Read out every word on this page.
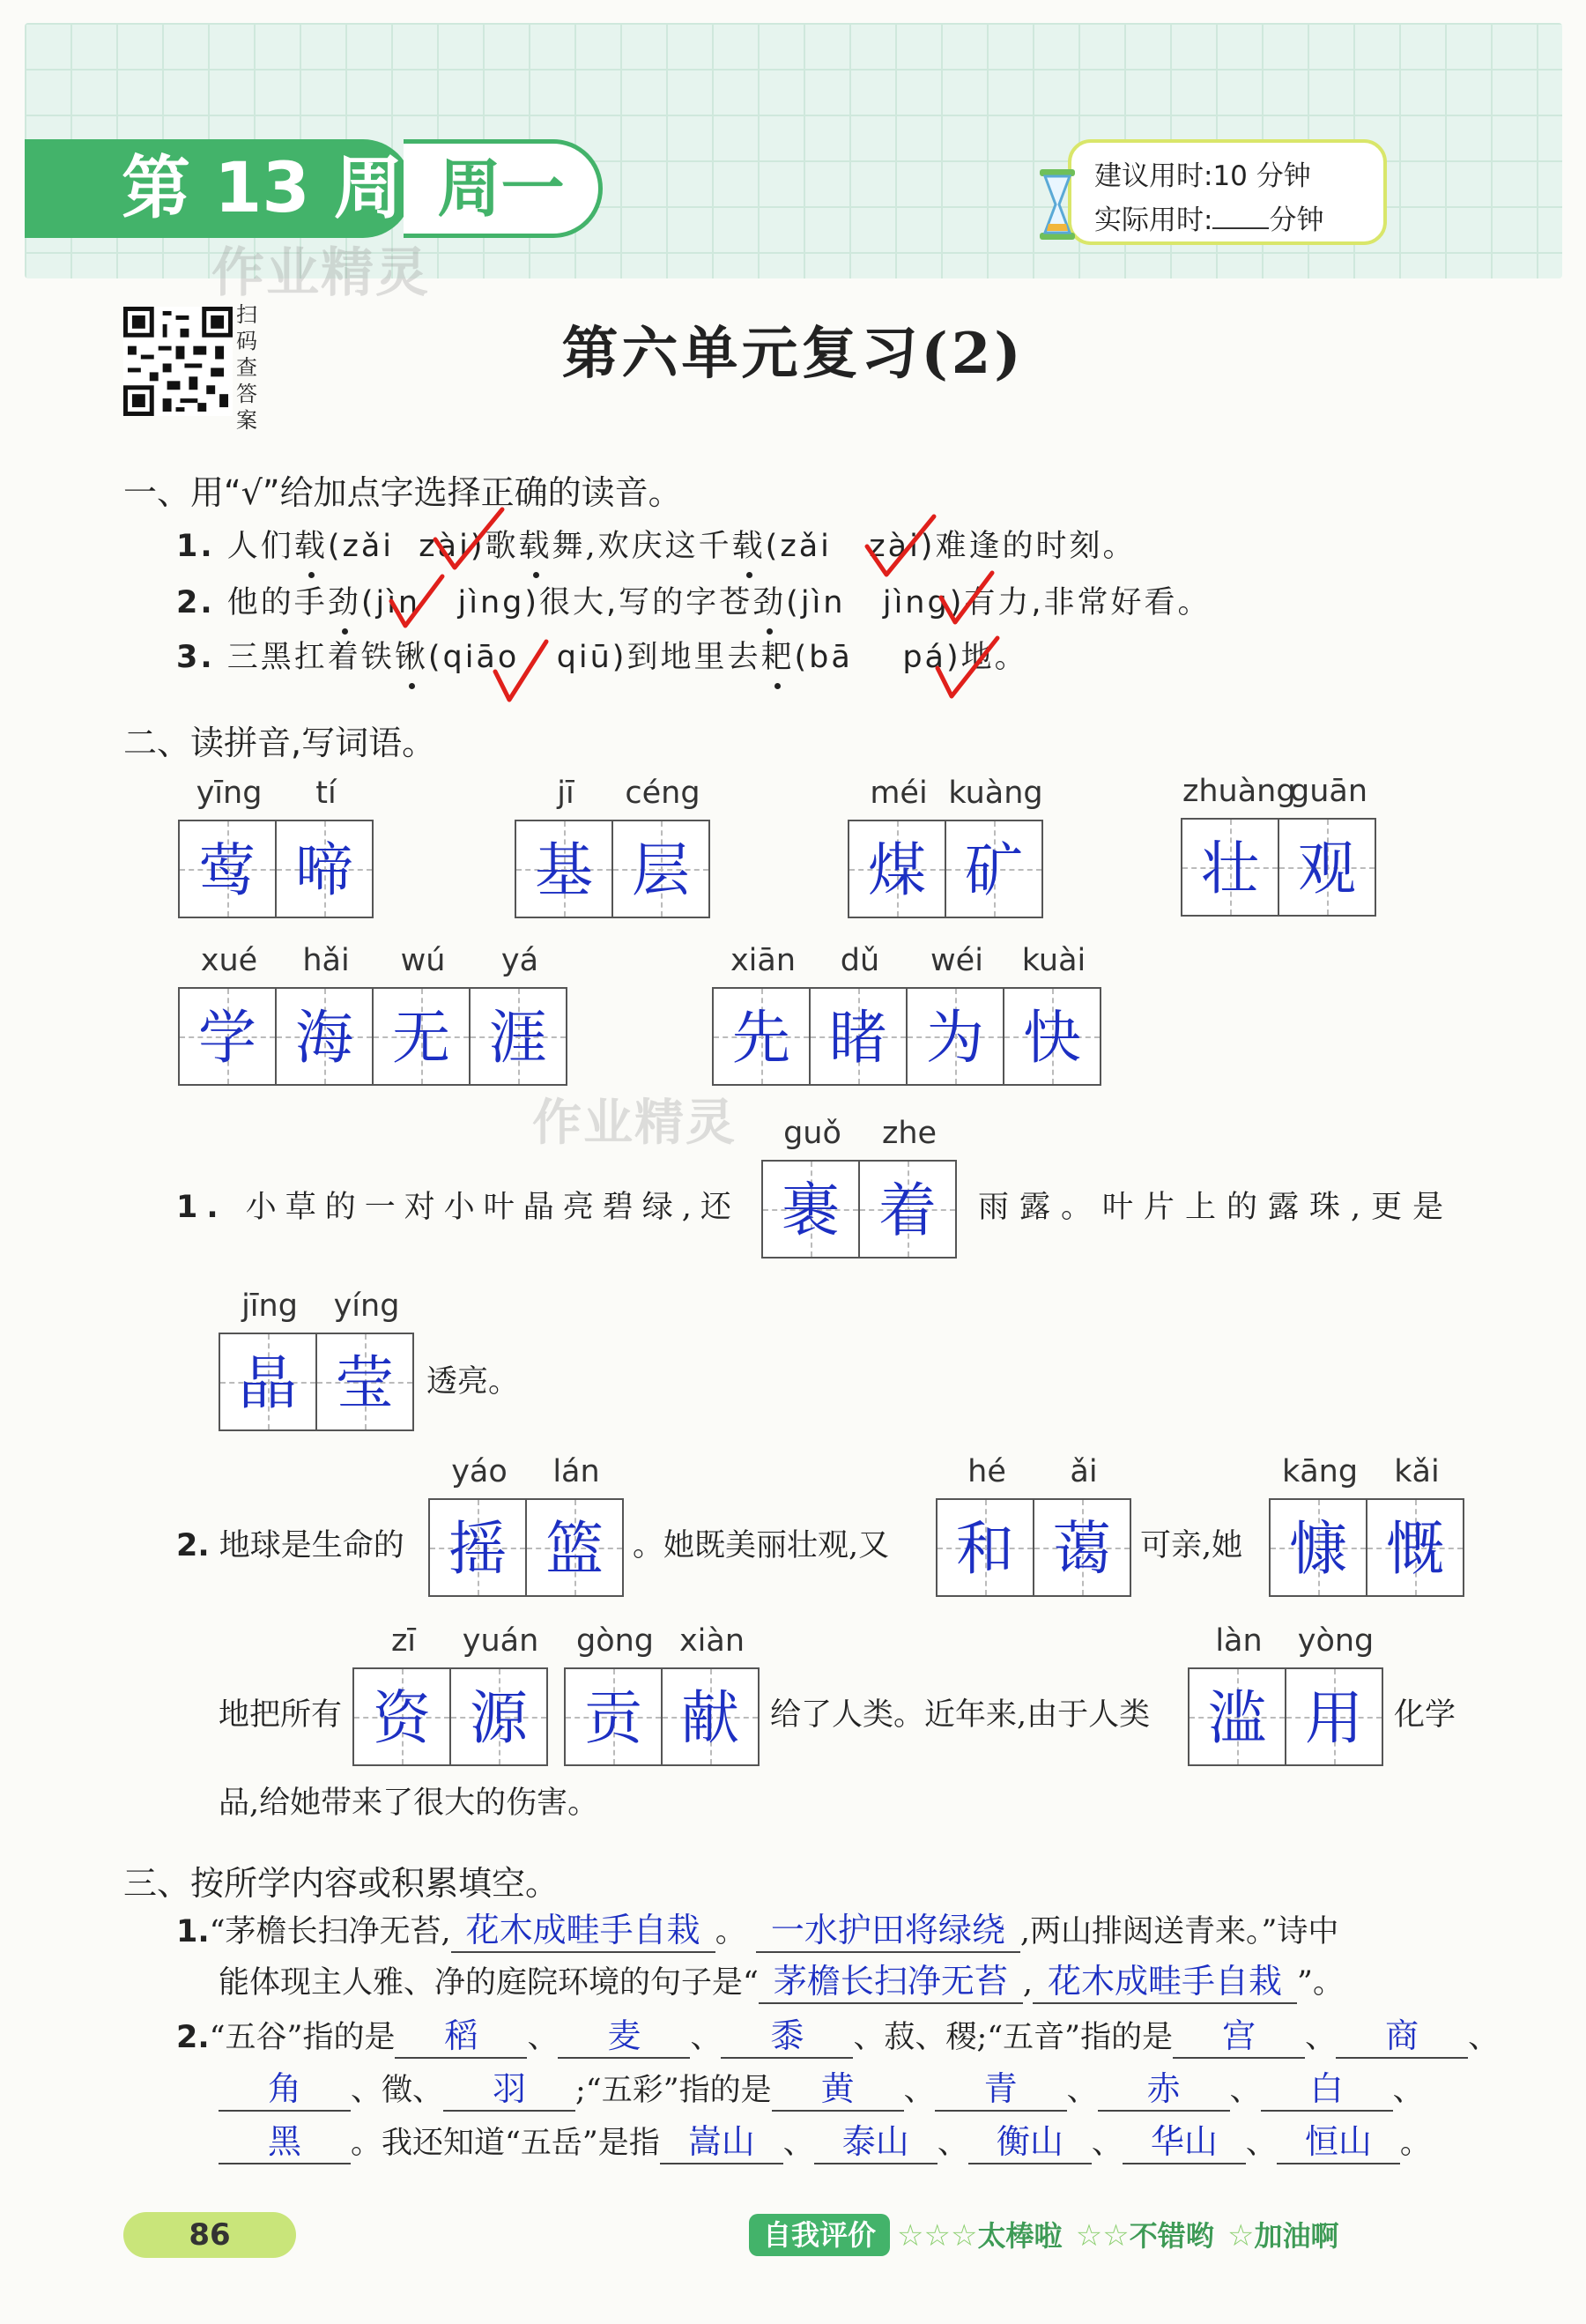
第 13 周 周一	建议用时:10 分钟
实际用时: 分钟
作业精灵
扫码查答案
第六单元复习(2)
一、用“√”给加点字选择正确的读音。
1. 人们载(zǎi zài)歌载舞,欢庆这千载(zǎi zài)难逢的时刻。
2. 他的手劲(jìn jìng)很大,写的字苍劲(jìn jìng)有力,非常好看。
3. 三黑扛着铁锹(qiāo qiū)到地里去耙(bā pá)地。
二、读拼音,写词语。
yīng
莺
tí
啼
jī
基
céng
层
méi
煤
kuàng
矿
zhuàng
壮
guān
观
xué
学
hǎi
海
wú
无
yá
涯
xiān
先
dǔ
睹
wéi
为
kuài
快
作业精灵
1. 小草的一对小叶晶亮碧绿,还
guǒ
裹
zhe
着	雨露。叶片上的露珠,更是
jīng
晶
yíng
莹	透亮。
2. 地球是生命的
yáo
摇
lán
篮 。她既美丽壮观,又
hé
和
ǎi
蔼 可亲,她
kāng
慷
kǎi
慨
地把所有
zī
资
yuán
源
gòng
贡
xiàn
献	给了人类。近年来,由于人类
làn
滥
yòng
用	化学
品,给她带来了很大的伤害。
三、按所学内容或积累填空。
1.“茅檐长扫净无苔, 花木成畦手自栽 。 一水护田将绿绕 ,两山排闼送青来。”诗中
能体现主人雅、净的庭院环境的句子是“ 茅檐长扫净无苔 , 花木成畦手自栽 ”。
2.“五谷”指的是 稻 、 麦 、 黍 、菽、稷;“五音”指的是 宫 、 商 、
角 、徵、 羽 ;“五彩”指的是 黄 、 青 、 赤 、 白 、
黑 。我还知道“五岳”是指 嵩山 、 泰山 、 衡山 、 华山 、 恒山 。
86	自我评价 ☆☆☆太棒啦 ☆☆不错哟 ☆加油啊
